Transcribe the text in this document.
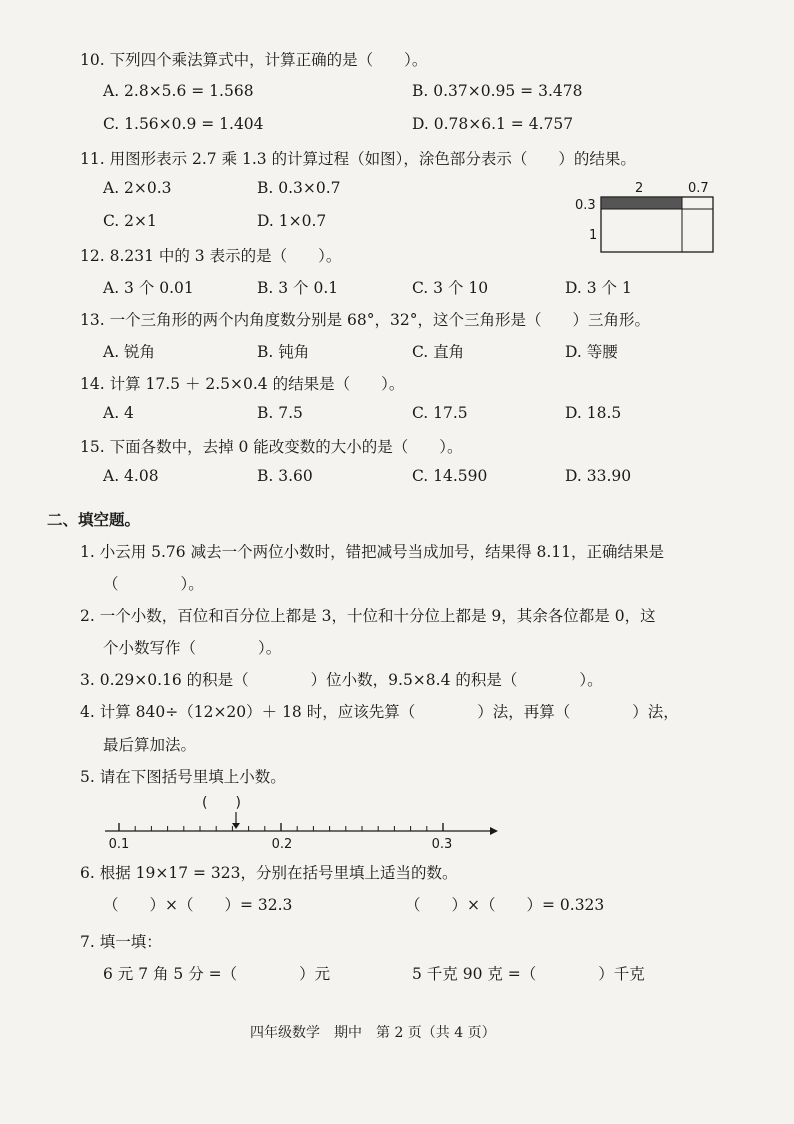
10. 下列四个乘法算式中，计算正确的是（　　）。
A. 2.8×5.6 = 1.568	B. 0.37×0.95 = 3.478
C. 1.56×0.9 = 1.404	D. 0.78×6.1 = 4.757
11. 用图形表示 2.7 乘 1.3 的计算过程（如图），涂色部分表示（　　）的结果。
A. 2×0.3	B. 0.3×0.7
C. 2×1	D. 1×0.7
2	0.7
0.3
1
12. 8.231 中的 3 表示的是（　　）。
A. 3 个 0.01	B. 3 个 0.1	C. 3 个 10	D. 3 个 1
13. 一个三角形的两个内角度数分别是 68°，32°，这个三角形是（　　）三角形。
A. 锐角	B. 钝角	C. 直角	D. 等腰
14. 计算 17.5 ＋ 2.5×0.4 的结果是（　　）。
A. 4	B. 7.5	C. 17.5	D. 18.5
15. 下面各数中，去掉 0 能改变数的大小的是（　　）。
A. 4.08	B. 3.60	C. 14.590	D. 33.90
二、填空题。
1. 小云用 5.76 减去一个两位小数时，错把减号当成加号，结果得 8.11，正确结果是
（　　　　）。
2. 一个小数，百位和百分位上都是 3，十位和十分位上都是 9，其余各位都是 0，这
个小数写作（　　　　）。
3. 0.29×0.16 的积是（　　　　）位小数，9.5×8.4 的积是（　　　　）。
4. 计算 840÷（12×20）＋ 18 时，应该先算（　　　　）法，再算（　　　　）法，
最后算加法。
5. 请在下图括号里填上小数。
(　　)
0.1	0.2	0.3
6. 根据 19×17 = 323，分别在括号里填上适当的数。
（　　）×（　　）= 32.3	（　　）×（　　）= 0.323
7. 填一填：
6 元 7 角 5 分 =（　　　　）元	5 千克 90 克 =（　　　　）千克
四年级数学　期中　第 2 页（共 4 页）
